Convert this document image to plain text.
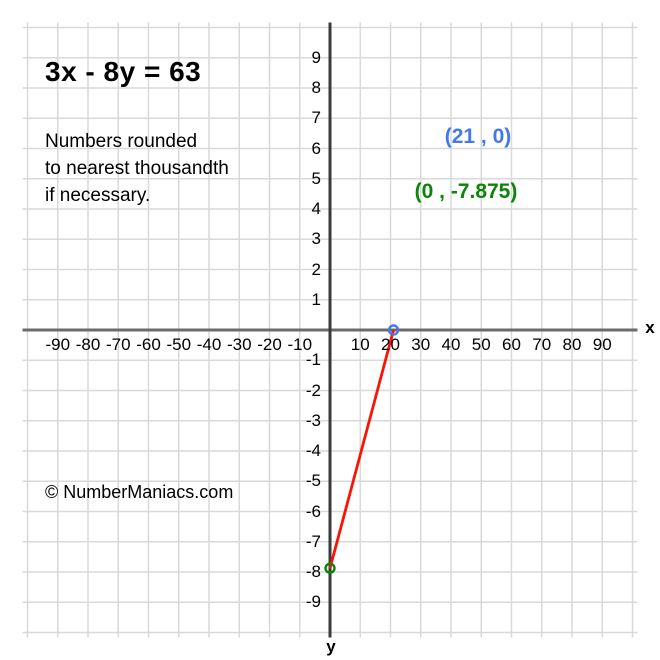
3x - 8y = 63
Numbers rounded
to nearest thousandth
if necessary.
(21 , 0)
(0 , -7.875)
© NumberManiacs.com
x
y
-90 -80 -70 -60 -50 -40 -30 -20 -10 10 20 30 40 50 60 70 80 90
9
8
7
6
5
4
3
2
1
-1
-2
-3
-4
-5
-6
-7
-8
-9
